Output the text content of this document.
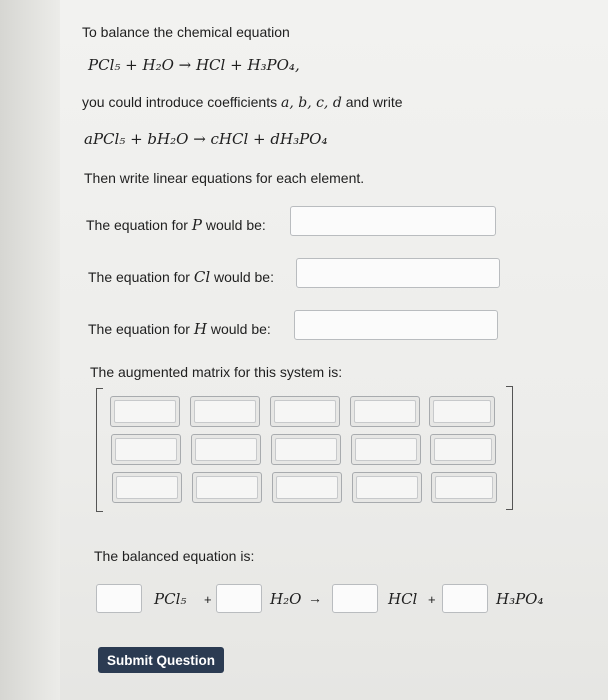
To balance the chemical equation
PCl₅ + H₂O → HCl + H₃PO₄,
you could introduce coefficients a, b, c, d and write
aPCl₅ + bH₂O → cHCl + dH₃PO₄
Then write linear equations for each element.
The equation for P would be:
The equation for Cl would be:
The equation for H would be:
The augmented matrix for this system is:
The balanced equation is:
PCl₅ +	H₂O →	HCl +	H₃PO₄
Submit Question
